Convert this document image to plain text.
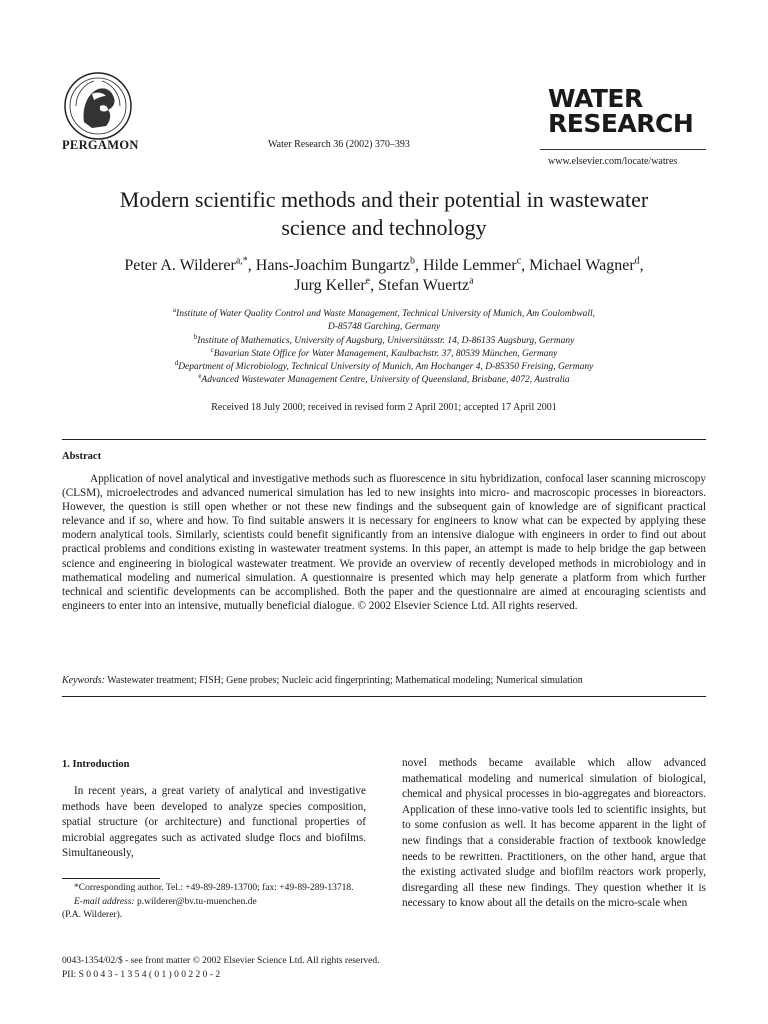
PERGAMON	Water Research 36 (2002) 370–393
WATER
RESEARCH
www.elsevier.com/locate/watres
Modern scientific methods and their potential in wastewater
science and technology
Peter A. Wilderer$^{a,*}$, Hans-Joachim Bungartz$^b$, Hilde Lemmer$^c$, Michael Wagner$^d$,
Jurg Keller$^e$, Stefan Wuertz$^a$
$^a$Institute of Water Quality Control and Waste Management, Technical University of Munich, Am Coulombwall,
D-85748 Garching, Germany
$^b$Institute of Mathematics, University of Augsburg, Universitätsstr. 14, D-86135 Augsburg, Germany
$^c$Bavarian State Office for Water Management, Kaulbachstr. 37, 80539 München, Germany
$^d$Department of Microbiology, Technical University of Munich, Am Hochanger 4, D-85350 Freising, Germany
$^e$Advanced Wastewater Management Centre, University of Queensland, Brisbane, 4072, Australia
Received 18 July 2000; received in revised form 2 April 2001; accepted 17 April 2001
Abstract
Application of novel analytical and investigative methods such as fluorescence in situ hybridization, confocal laser scanning microscopy (CLSM), microelectrodes and advanced numerical simulation has led to new insights into micro- and macroscopic processes in bioreactors. However, the question is still open whether or not these new findings and the subsequent gain of knowledge are of significant practical relevance and if so, where and how. To find suitable answers it is necessary for engineers to know what can be expected by applying these modern analytical tools. Similarly, scientists could benefit significantly from an intensive dialogue with engineers in order to find out about practical problems and conditions existing in wastewater treatment systems. In this paper, an attempt is made to help bridge the gap between science and engineering in biological wastewater treatment. We provide an overview of recently developed methods in microbiology and in mathematical modeling and numerical simulation. A questionnaire is presented which may help generate a platform from which further technical and scientific developments can be accomplished. Both the paper and the questionnaire are aimed at encouraging scientists and engineers to enter into an intensive, mutually beneficial dialogue. © 2002 Elsevier Science Ltd. All rights reserved.
Keywords: Wastewater treatment; FISH; Gene probes; Nucleic acid fingerprinting; Mathematical modeling; Numerical simulation
1. Introduction
In recent years, a great variety of analytical and investigative methods have been developed to analyze species composition, spatial structure (or architecture) and functional properties of microbial aggregates such as activated sludge flocs and biofilms. Simultaneously,
novel methods became available which allow advanced mathematical modeling and numerical simulation of biological, chemical and physical processes in bio-aggregates and bioreactors. Application of these inno-vative tools led to scientific insights, but to some confusion as well. It has become apparent in the light of new findings that a considerable fraction of textbook knowledge needs to be rewritten. Practitioners, on the other hand, argue that the existing activated sludge and biofilm reactors work properly, disregarding all these new findings. They question whether it is necessary to know about all the details on the micro-scale when
*Corresponding author. Tel.: +49-89-289-13700; fax: +49-89-289-13718.
E-mail address: p.wilderer@bv.tu-muenchen.de
(P.A. Wilderer).
0043-1354/02/$ - see front matter © 2002 Elsevier Science Ltd. All rights reserved.
PII: S 0 0 4 3 - 1 3 5 4 ( 0 1 ) 0 0 2 2 0 - 2
